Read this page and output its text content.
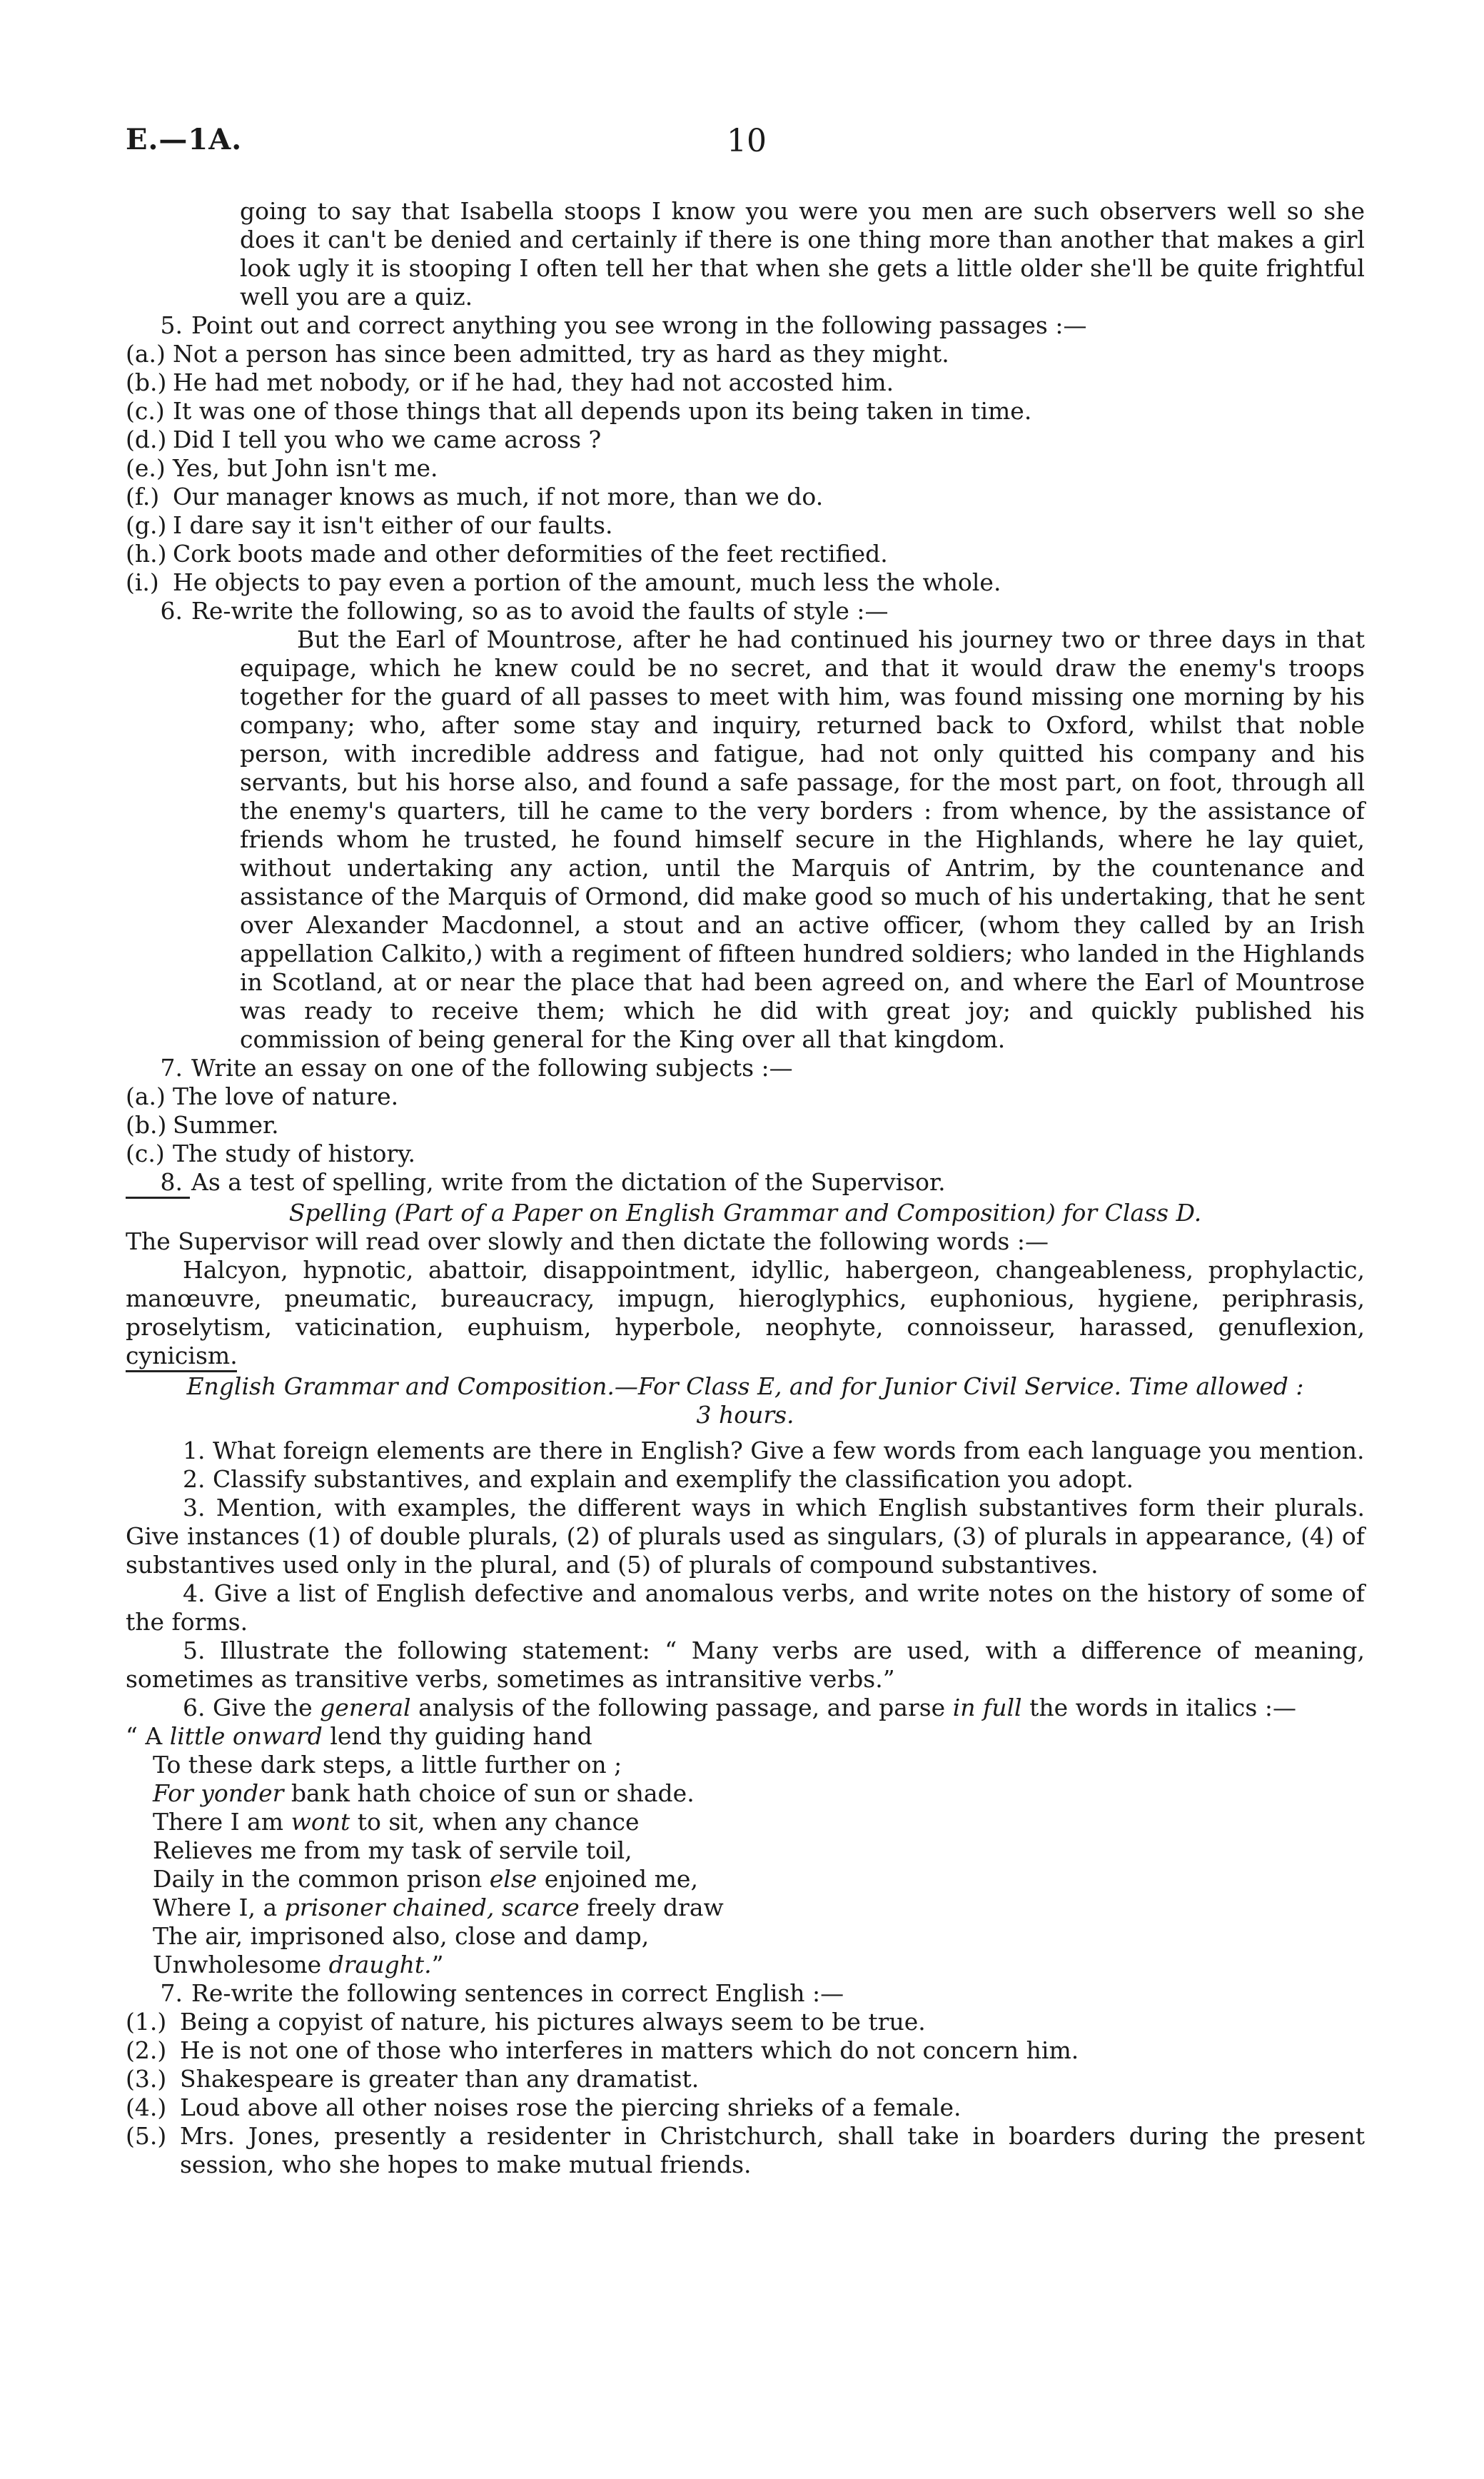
E.—1A.	10

going to say that Isabella stoops I know you were you men are such observers well so she does it can't be denied and certainly if there is one thing more than another that makes a girl look ugly it is stooping I often tell her that when she gets a little older she'll be quite frightful well you are a quiz.

5. Point out and correct anything you see wrong in the following passages :—
(a.) Not a person has since been admitted, try as hard as they might.
(b.) He had met nobody, or if he had, they had not accosted him.
(c.) It was one of those things that all depends upon its being taken in time.
(d.) Did I tell you who we came across ?
(e.) Yes, but John isn't me.
(f.) Our manager knows as much, if not more, than we do.
(g.) I dare say it isn't either of our faults.
(h.) Cork boots made and other deformities of the feet rectified.
(i.) He objects to pay even a portion of the amount, much less the whole.
6. Re-write the following, so as to avoid the faults of style :—

But the Earl of Mountrose, after he had continued his journey two or three days in that equipage, which he knew could be no secret, and that it would draw the enemy's troops together for the guard of all passes to meet with him, was found missing one morning by his company; who, after some stay and inquiry, returned back to Oxford, whilst that noble person, with incredible address and fatigue, had not only quitted his company and his servants, but his horse also, and found a safe passage, for the most part, on foot, through all the enemy's quarters, till he came to the very borders : from whence, by the assistance of friends whom he trusted, he found himself secure in the Highlands, where he lay quiet, without undertaking any action, until the Marquis of Antrim, by the countenance and assistance of the Marquis of Ormond, did make good so much of his undertaking, that he sent over Alexander Macdonnel, a stout and an active officer, (whom they called by an Irish appellation Calkito,) with a regiment of fifteen hundred soldiers; who landed in the Highlands in Scotland, at or near the place that had been agreed on, and where the Earl of Mountrose was ready to receive them; which he did with great joy; and quickly published his commission of being general for the King over all that kingdom.

7. Write an essay on one of the following subjects :—
(a.) The love of nature.
(b.) Summer.
(c.) The study of history.
8. As a test of spelling, write from the dictation of the Supervisor.

Spelling (Part of a Paper on English Grammar and Composition) for Class D.

The Supervisor will read over slowly and then dictate the following words :—

Halcyon, hypnotic, abattoir, disappointment, idyllic, habergeon, changeableness, prophylactic, manœuvre, pneumatic, bureaucracy, impugn, hieroglyphics, euphonious, hygiene, periphrasis, proselytism, vaticination, euphuism, hyperbole, neophyte, connoisseur, harassed, genuflexion, cynicism.

English Grammar and Composition.—For Class E, and for Junior Civil Service. Time allowed :
3 hours.

1. What foreign elements are there in English? Give a few words from each language you mention.

2. Classify substantives, and explain and exemplify the classification you adopt.

3. Mention, with examples, the different ways in which English substantives form their plurals. Give instances (1) of double plurals, (2) of plurals used as singulars, (3) of plurals in appearance, (4) of substantives used only in the plural, and (5) of plurals of compound substantives.

4. Give a list of English defective and anomalous verbs, and write notes on the history of some of the forms.

5. Illustrate the following statement: “ Many verbs are used, with a difference of meaning, sometimes as transitive verbs, sometimes as intransitive verbs.”

6. Give the general analysis of the following passage, and parse in full the words in italics :—

“ A little onward lend thy guiding hand
To these dark steps, a little further on ;
For yonder bank hath choice of sun or shade.
There I am wont to sit, when any chance
Relieves me from my task of servile toil,
Daily in the common prison else enjoined me,
Where I, a prisoner chained, scarce freely draw
The air, imprisoned also, close and damp,
Unwholesome draught.”
7. Re-write the following sentences in correct English :—
(1.) Being a copyist of nature, his pictures always seem to be true.
(2.) He is not one of those who interferes in matters which do not concern him.
(3.) Shakespeare is greater than any dramatist.
(4.) Loud above all other noises rose the piercing shrieks of a female.
(5.) Mrs. Jones, presently a residenter in Christchurch, shall take in boarders during the present session, who she hopes to make mutual friends.
